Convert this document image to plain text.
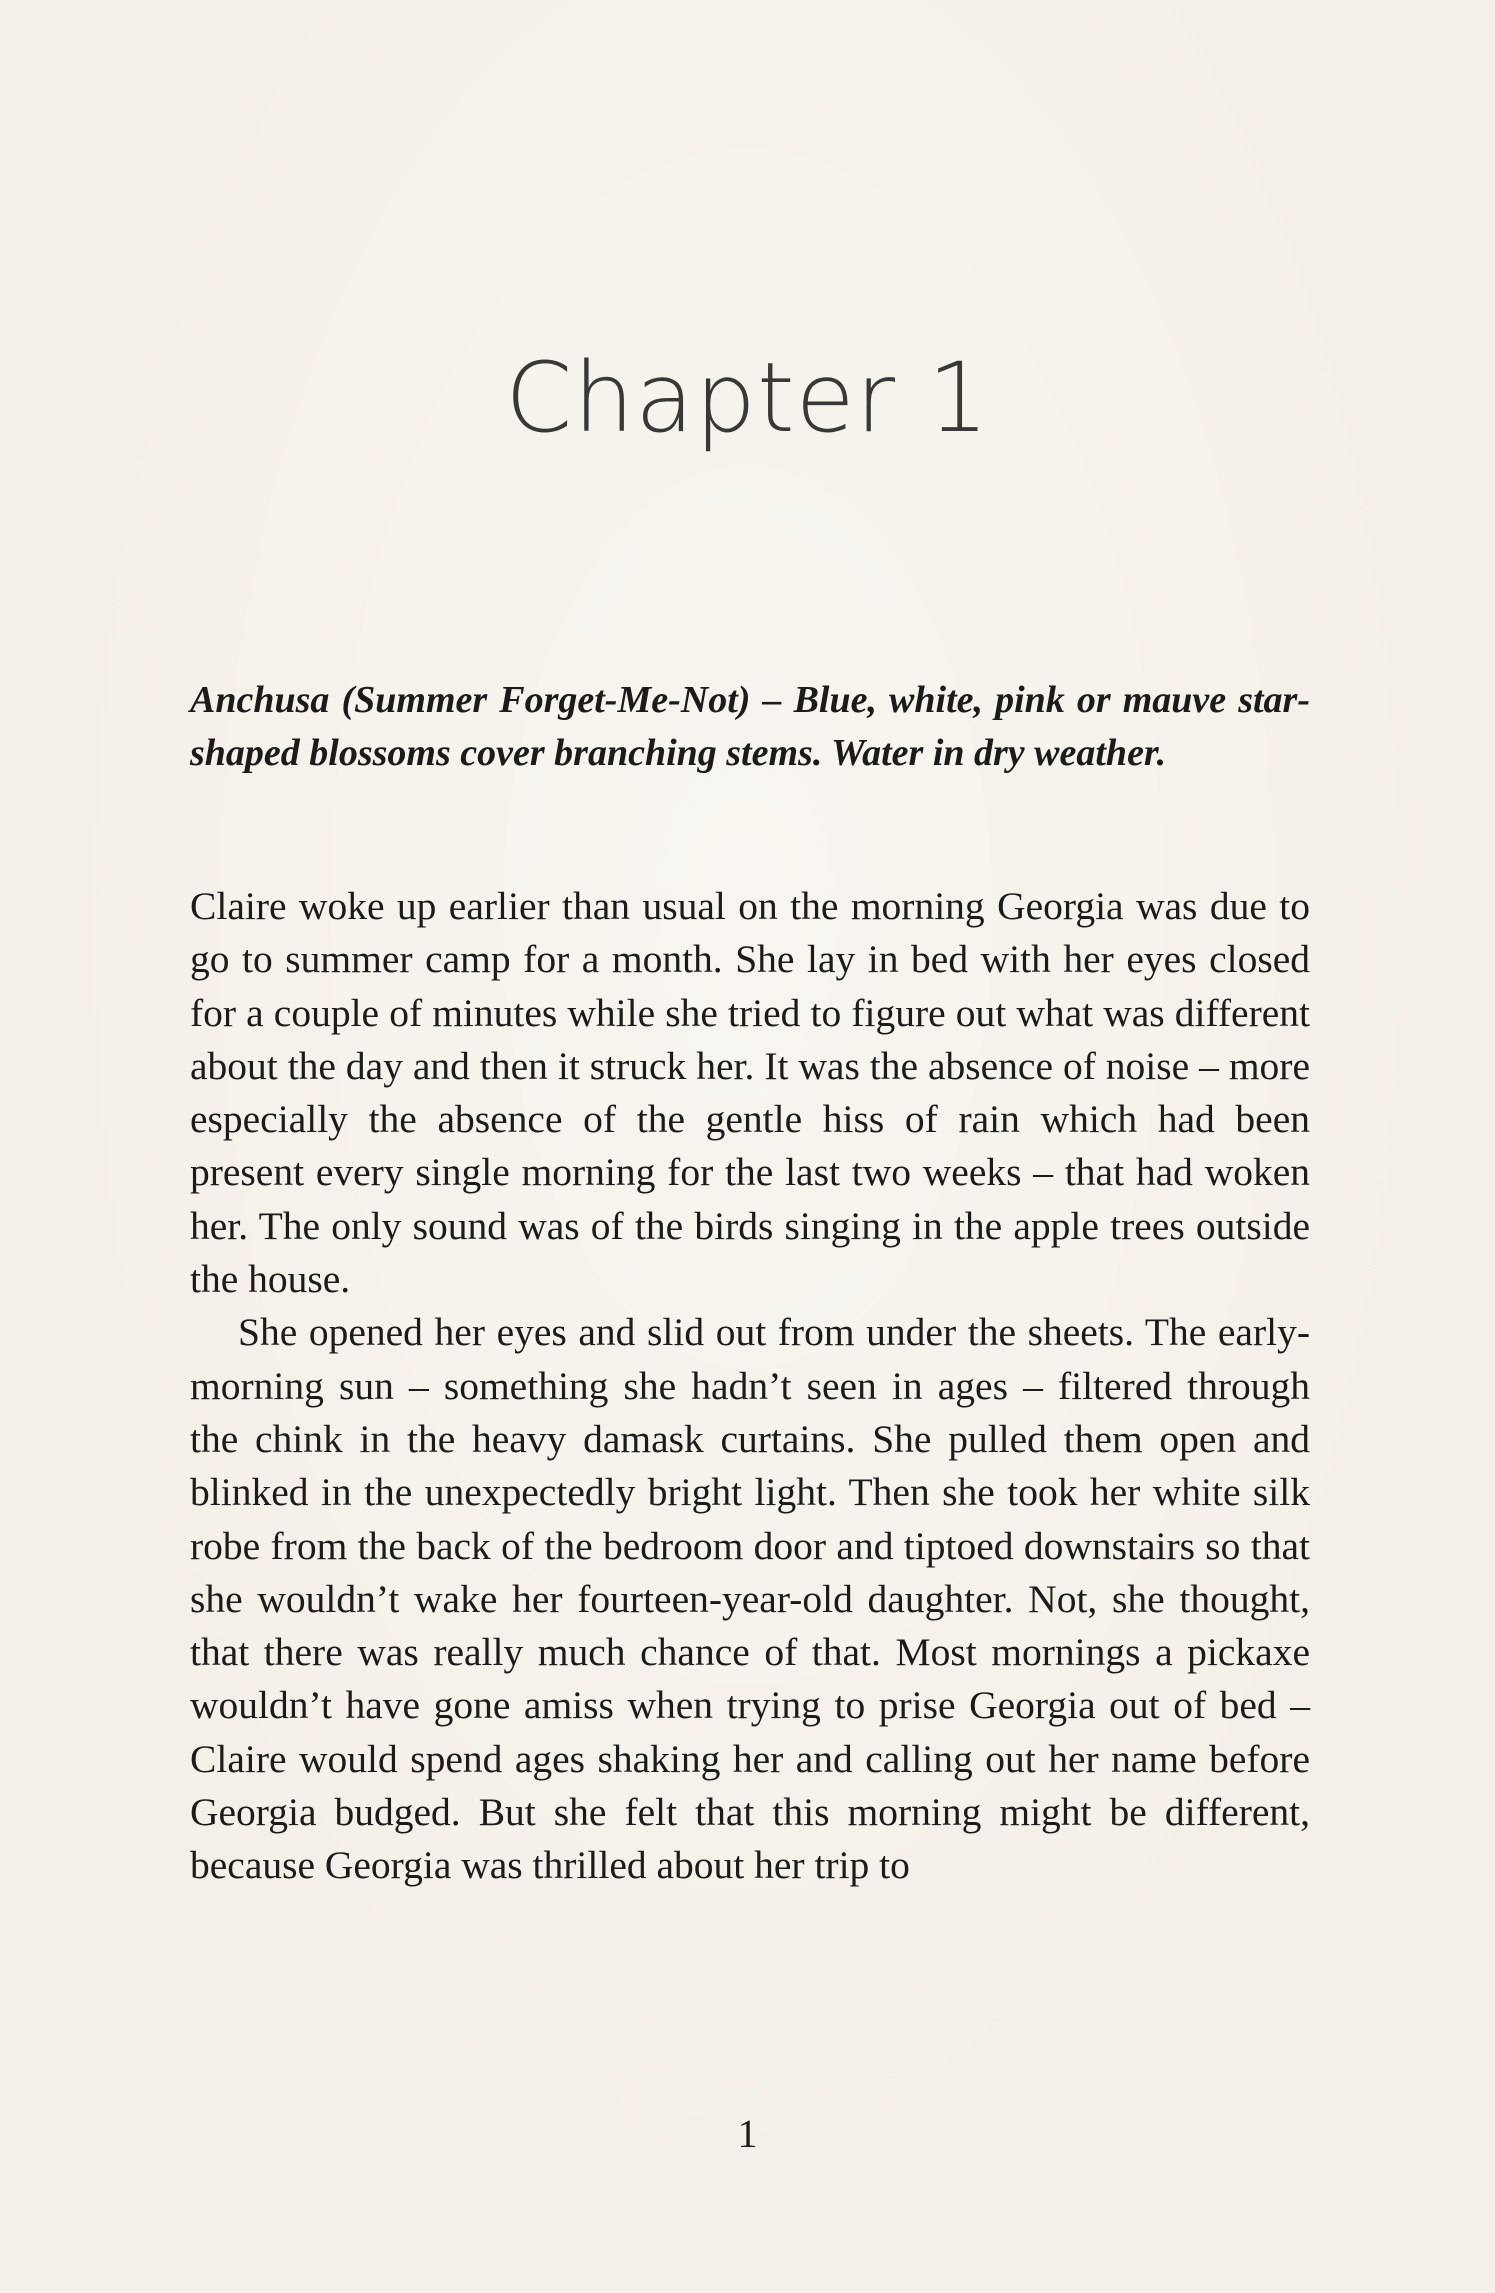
Chapter 1
Anchusa (Summer Forget-Me-Not) – Blue, white, pink or mauve star-shaped blossoms cover branching stems. Water in dry weather.

Claire woke up earlier than usual on the morning Georgia was due to go to summer camp for a month. She lay in bed with her eyes closed for a couple of minutes while she tried to figure out what was different about the day and then it struck her. It was the absence of noise – more especially the absence of the gentle hiss of rain which had been present every single morning for the last two weeks – that had woken her. The only sound was of the birds singing in the apple trees outside the house.

She opened her eyes and slid out from under the sheets. The early-morning sun – something she hadn’t seen in ages – filtered through the chink in the heavy damask curtains. She pulled them open and blinked in the unexpectedly bright light. Then she took her white silk robe from the back of the bedroom door and tiptoed downstairs so that she wouldn’t wake her fourteen-year-old daughter. Not, she thought, that there was really much chance of that. Most mornings a pickaxe wouldn’t have gone amiss when trying to prise Georgia out of bed – Claire would spend ages shaking her and calling out her name before Georgia budged. But she felt that this morning might be different, because Georgia was thrilled about her trip to

1
